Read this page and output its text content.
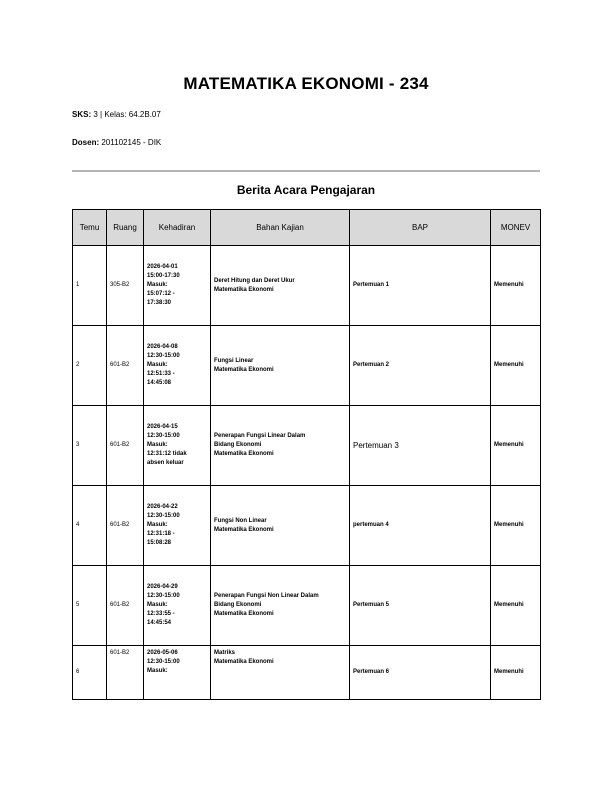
MATEMATIKA EKONOMI - 234
SKS: 3 | Kelas: 64.2B.07
Dosen: 201102145 - DIK
Berita Acara Pengajaran
Temu	Ruang	Kehadiran	Bahan Kajian	BAP	MONEV
1	305-B2	2026-04-01
15:00-17:30
Masuk:
15:07:12 -
17:38:30	Deret Hitung dan Deret Ukur
Matematika Ekonomi	Pertemuan 1	Memenuhi
2	601-B2	2026-04-08
12:30-15:00
Masuk:
12:51:33 -
14:45:08	Fungsi Linear
Matematika Ekonomi	Pertemuan 2	Memenuhi
3	601-B2	2026-04-15
12:30-15:00
Masuk:
12:31:12 tidak
absen keluar	Penerapan Fungsi Linear Dalam
Bidang Ekonomi
Matematika Ekonomi	Pertemuan 3	Memenuhi
4	601-B2	2026-04-22
12:30-15:00
Masuk:
12:31:18 -
15:08:28	Fungsi Non Linear
Matematika Ekonomi	pertemuan 4	Memenuhi
5	601-B2	2026-04-29
12:30-15:00
Masuk:
12:33:55 -
14:45:54	Penerapan Fungsi Non Linear Dalam
Bidang Ekonomi
Matematika Ekonomi	Pertemuan 5	Memenuhi
6	601-B2	2026-05-06
12:30-15:00
Masuk:	Matriks
Matematika Ekonomi	Pertemuan 6	Memenuhi
